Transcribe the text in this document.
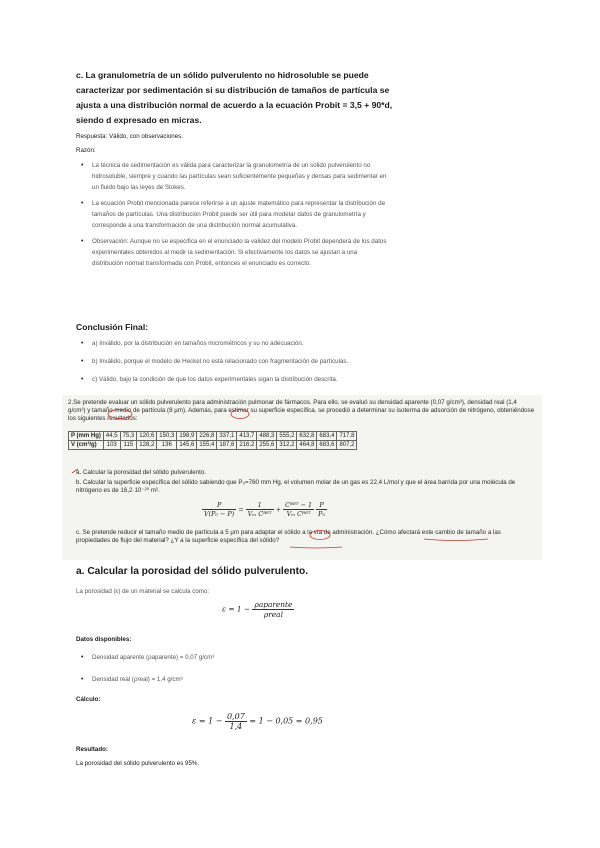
c. La granulometría de un sólido pulverulento no hidrosoluble se puede caracterizar por sedimentación si su distribución de tamaños de partícula se ajusta a una distribución normal de acuerdo a la ecuación Probit = 3,5 + 90*d, siendo d expresado en micras.
Respuesta: Válido, con observaciones.
Razón:
• La técnica de sedimentación es válida para caracterizar la granulometría de un sólido pulverulento no hidrosoluble, siempre y cuando las partículas sean suficientemente pequeñas y densas para sedimentar en un fluido bajo las leyes de Stokes.
• La ecuación Probit mencionada parece referirse a un ajuste matemático para representar la distribución de tamaños de partículas. Una distribución Probit puede ser útil para modelar datos de granulometría y corresponde a una transformación de una distribución normal acumulativa.
• Observación: Aunque no se especifica en el enunciado la validez del modelo Probit dependerá de los datos experimentales obtenidos al medir la sedimentación. Si efectivamente los datos se ajustan a una distribución normal transformada con Probit, entonces el enunciado es correcto.
Conclusión Final:
• a) Inválido, por la distribución en tamaños micrométricos y su no adecuación.
• b) Inválido, porque el modelo de Heckel no está relacionado con fragmentación de partículas.
• c) Válido, bajo la condición de que los datos experimentales sigan la distribución descrita.
2.Se pretende evaluar un sólido pulverulento para administración pulmonar de fármacos. Para ello, se evaluó su densidad aparente (0,07 g/cm³), densidad real (1,4 g/cm³) y tamaño medio de partícula (8 µm). Además, para estimar su superficie específica, se procedió a determinar su isoterma de adsorción de nitrógeno, obteniéndose los siguientes resultados:
P (mm Hg)	44,5	75,3	120,6	150,3	198,9	226,8	337,1	413,7	488,3	555,2	632,8	683,4	717,8
V (cm³/g)	103	115	128,2	136	145,6	155,4	187,6	216,2	255,6	312,2	464,8	683,6	807,2
a. Calcular la porosidad del sólido pulverulento.
b. Calcular la superficie específica del sólido sabiendo que P₀=760 mm Hg, el volumen molar de un gas es 22,4 L/mol y que el área barrida por una molécula de nitrógeno es de 16,2·10⁻²⁰ m².
$\frac{P}{\text{V(P₀ − P)}} = \frac{1}{\text{Vₘ Cᴮᴱᵀ}} + \frac{\text{Cᴮᴱᵀ − 1}}{\text{Vₘ Cᴮᴱᵀ}}$
$\frac{P}{\text{P₀}}$
c. Se pretende reducir el tamaño medio de partícula a 5 µm para adaptar el sólido a la vía de administración. ¿Cómo afectará este cambio de tamaño a las propiedades de flujo del material? ¿Y a la superficie específica del sólido?
a. Calcular la porosidad del sólido pulverulento.
La porosidad (ε) de un material se calcula como:
$\varepsilon = 1 - \frac{\text{ρaparente}}{\text{ρreal}}$
Datos disponibles:
• Densidad aparente (ρaparente) = 0,07 g/cm³
• Densidad real (ρreal) = 1,4 g/cm³
Cálculo:
$\varepsilon = 1 - \frac{0,07}{1,4} = 1 - 0,05 = 0,95$
Resultado:
La porosidad del sólido pulverulento es 95%.
